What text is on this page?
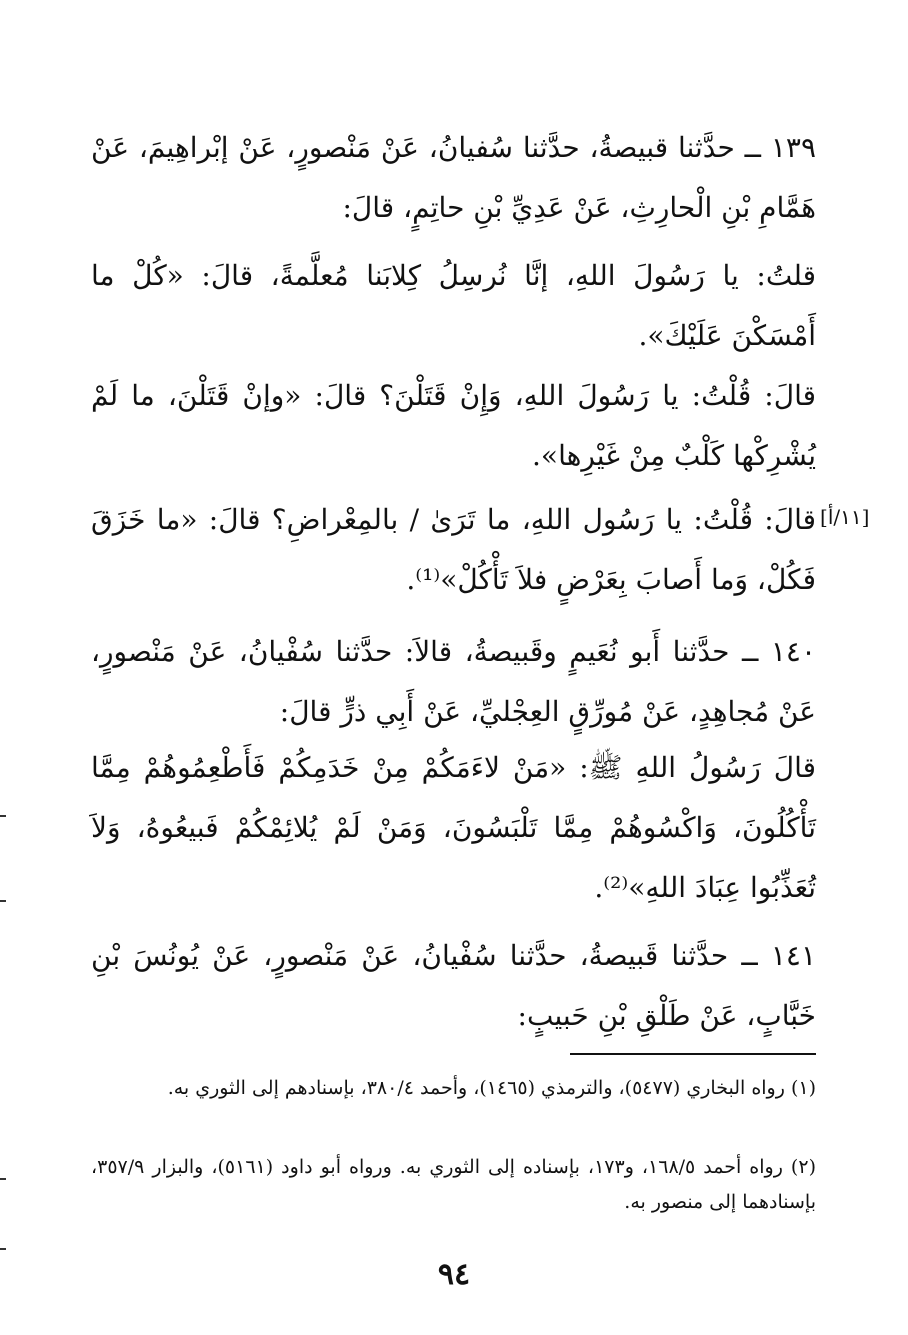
١٣٩ ــ حدَّثنا قبيصةُ، حدَّثنا سُفيانُ، عَنْ مَنْصورٍ، عَنْ إبْراهِيمَ، عَنْ هَمَّامِ بْنِ الْحارِثِ، عَنْ عَدِيِّ بْنِ حاتِمٍ، قالَ:

قلتُ: يا رَسُولَ اللهِ، إنَّا نُرسِلُ كِلابَنا مُعلَّمةً، قالَ: «كُلْ ما أَمْسَكْنَ عَلَيْكَ».

قالَ: قُلْتُ: يا رَسُولَ اللهِ، وَإِنْ قَتَلْنَ؟ قالَ: «وإنْ قَتَلْنَ، ما لَمْ يُشْرِكْها كَلْبٌ مِنْ غَيْرِها».

[١١/أ]

قالَ: قُلْتُ: يا رَسُول اللهِ، ما تَرَىٰ / بالمِعْراضِ؟ قالَ: «ما خَزَقَ فَكُلْ، وَما أَصابَ بِعَرْضٍ فلاَ تَأْكُلْ»⁽¹⁾.

١٤٠ ــ حدَّثنا أَبو نُعَيمٍ وقَبيصةُ، قالاَ: حدَّثنا سُفْيانُ، عَنْ مَنْصورٍ، عَنْ مُجاهِدٍ، عَنْ مُورِّقٍ العِجْليِّ، عَنْ أَبِي ذرٍّ قالَ:

قالَ رَسُولُ اللهِ ﷺ: «مَنْ لاءَمَكُمْ مِنْ خَدَمِكُمْ فَأَطْعِمُوهُمْ مِمَّا تَأْكُلُونَ، وَاكْسُوهُمْ مِمَّا تَلْبَسُونَ، وَمَنْ لَمْ يُلائِمْكُمْ فَبيعُوهُ، وَلاَ تُعَذِّبُوا عِبَادَ اللهِ»⁽²⁾.

١٤١ ــ حدَّثنا قَبيصةُ، حدَّثنا سُفْيانُ، عَنْ مَنْصورٍ، عَنْ يُونُسَ بْنِ خَبَّابٍ، عَنْ طَلْقِ بْنِ حَبيبٍ:

(١) رواه البخاري (٥٤٧٧)، والترمذي (١٤٦٥)، وأحمد ٣٨٠/٤، بإسنادهم إلى الثوري به.

(٢) رواه أحمد ١٦٨/٥، و١٧٣، بإسناده إلى الثوري به. ورواه أبو داود (٥١٦١)، والبزار ٣٥٧/٩، بإسنادهما إلى منصور به.

٩٤
